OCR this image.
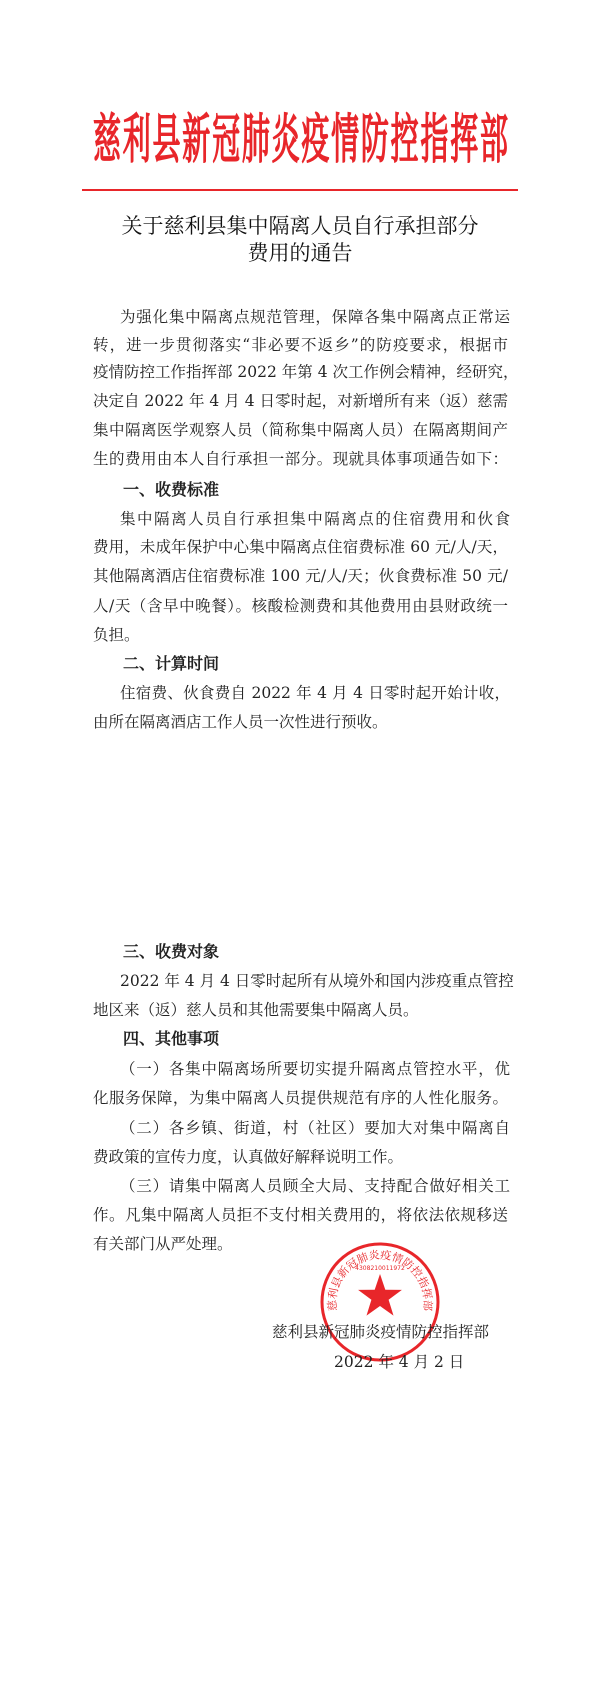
慈利县新冠肺炎疫情防控指挥部
关于慈利县集中隔离人员自行承担部分
费用的通告
为强化集中隔离点规范管理，保障各集中隔离点正常运
转，进一步贯彻落实“非必要不返乡”的防疫要求，根据市
疫情防控工作指挥部 2022 年第 4 次工作例会精神，经研究，
决定自 2022 年 4 月 4 日零时起，对新增所有来（返）慈需
集中隔离医学观察人员（简称集中隔离人员）在隔离期间产
生的费用由本人自行承担一部分。现就具体事项通告如下：
一、收费标准
集中隔离人员自行承担集中隔离点的住宿费用和伙食
费用，未成年保护中心集中隔离点住宿费标准 60 元/人/天，
其他隔离酒店住宿费标准 100 元/人/天；伙食费标准 50 元/
人/天（含早中晚餐）。核酸检测费和其他费用由县财政统一
负担。
二、计算时间
住宿费、伙食费自 2022 年 4 月 4 日零时起开始计收，
由所在隔离酒店工作人员一次性进行预收。
三、收费对象
2022 年 4 月 4 日零时起所有从境外和国内涉疫重点管控
地区来（返）慈人员和其他需要集中隔离人员。
四、其他事项
（一）各集中隔离场所要切实提升隔离点管控水平，优
化服务保障，为集中隔离人员提供规范有序的人性化服务。
（二）各乡镇、街道，村（社区）要加大对集中隔离自
费政策的宣传力度，认真做好解释说明工作。
（三）请集中隔离人员顾全大局、支持配合做好相关工
作。凡集中隔离人员拒不支付相关费用的，将依法依规移送
有关部门从严处理。
慈利县新冠肺炎疫情防控指挥部
4308210011972
慈利县新冠肺炎疫情防控指挥部
2022 年 4 月 2 日
